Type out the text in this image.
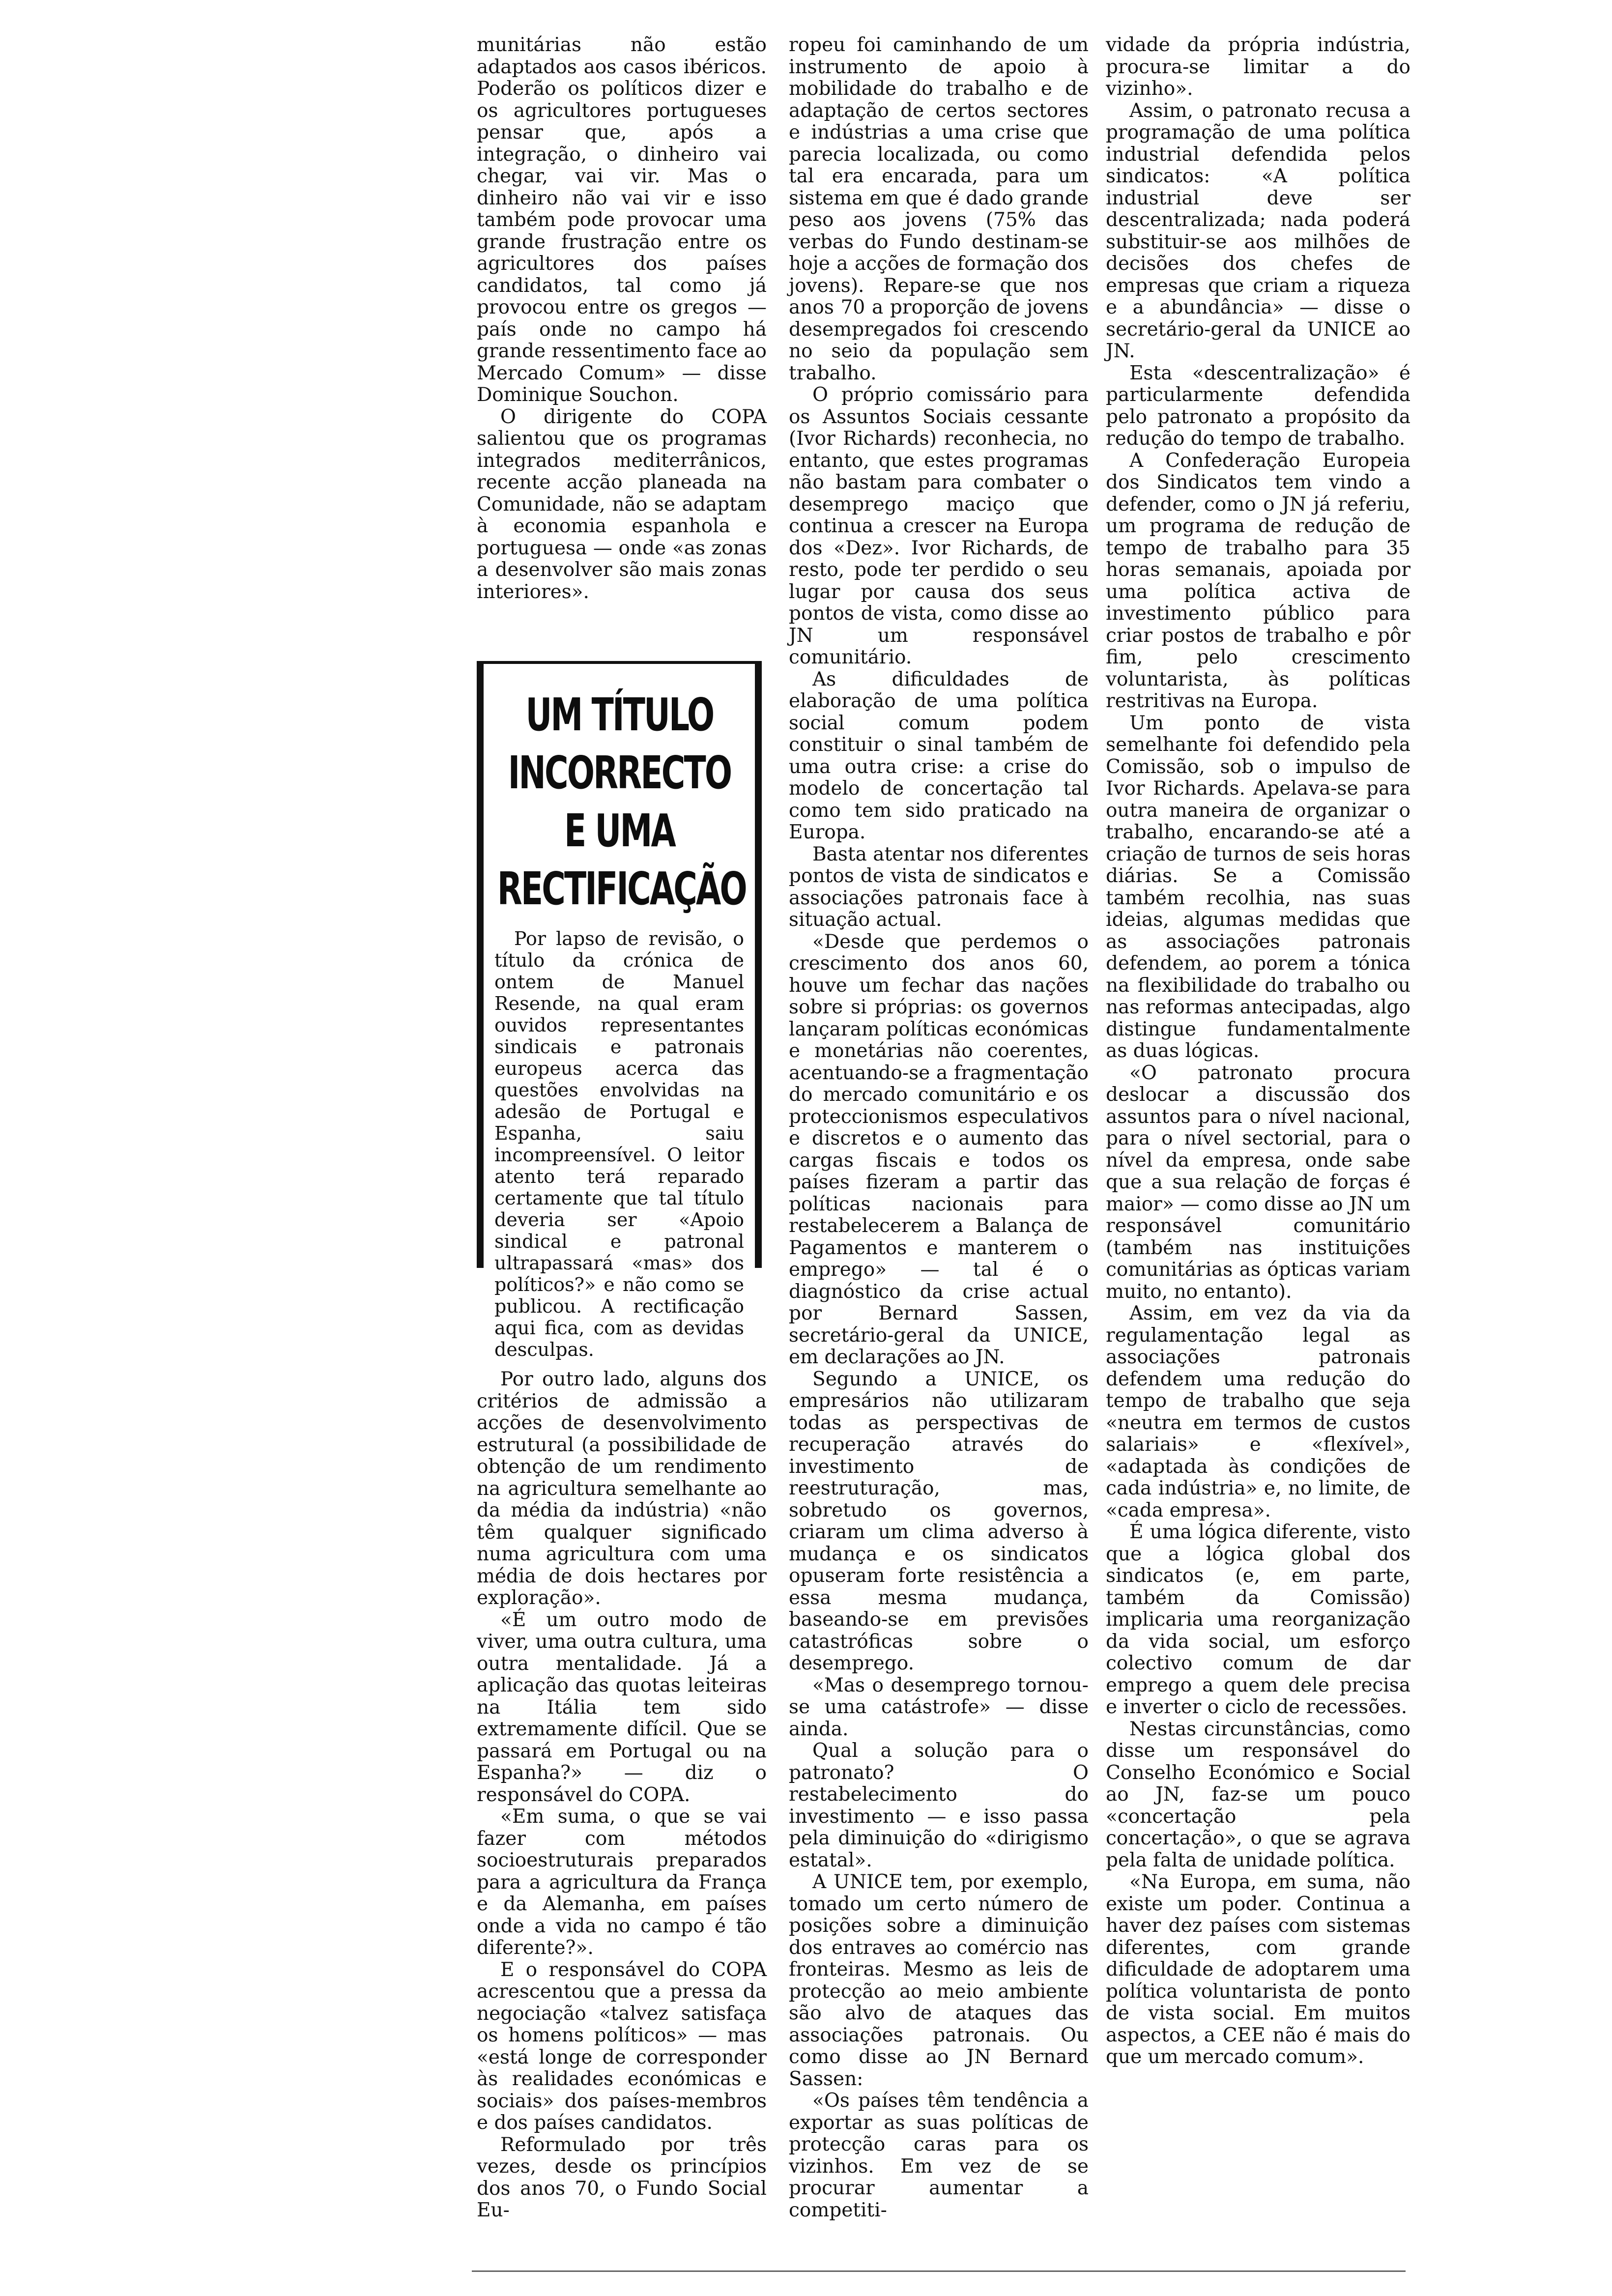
munitárias não estão adaptados aos casos ibéricos. Poderão os políticos dizer e os agricultores portugueses pensar que, após a integração, o dinheiro vai chegar, vai vir. Mas o dinheiro não vai vir e isso também pode provocar uma grande frustração entre os agricultores dos países candidatos, tal como já provocou entre os gregos — país onde no campo há grande ressentimento face ao Mercado Comum» — disse Dominique Souchon.

O dirigente do COPA salientou que os programas integrados mediterrânicos, recente acção planeada na Comunidade, não se adaptam à economia espanhola e portuguesa — onde «as zonas a desenvolver são mais zonas interiores».

UM TÍTULO
INCORRECTO
E UMA
RECTIFICAÇÃO

Por lapso de revisão, o título da crónica de ontem de Manuel Resende, na qual eram ouvidos representantes sindicais e patronais europeus acerca das questões envolvidas na adesão de Portugal e Espanha, saiu incompreensível. O leitor atento terá reparado certamente que tal título deveria ser «Apoio sindical e patronal ultrapassará «mas» dos políticos?» e não como se publicou. A rectificação aqui fica, com as devidas desculpas.

Por outro lado, alguns dos critérios de admissão a acções de desenvolvimento estrutural (a possibilidade de obtenção de um rendimento na agricultura semelhante ao da média da indústria) «não têm qualquer significado numa agricultura com uma média de dois hectares por exploração».

«É um outro modo de viver, uma outra cultura, uma outra mentalidade. Já a aplicação das quotas leiteiras na Itália tem sido extremamente difícil. Que se passará em Portugal ou na Espanha?» — diz o responsável do COPA.

«Em suma, o que se vai fazer com métodos socioestruturais preparados para a agricultura da França e da Alemanha, em países onde a vida no campo é tão diferente?».

E o responsável do COPA acrescentou que a pressa da negociação «talvez satisfaça os homens políticos» — mas «está longe de corresponder às realidades económicas e sociais» dos países-membros e dos países candidatos.

Reformulado por três vezes, desde os princípios dos anos 70, o Fundo Social Eu-

ropeu foi caminhando de um instrumento de apoio à mobilidade do trabalho e de adaptação de certos sectores e indústrias a uma crise que parecia localizada, ou como tal era encarada, para um sistema em que é dado grande peso aos jovens (75% das verbas do Fundo destinam-se hoje a acções de formação dos jovens). Repare-se que nos anos 70 a proporção de jovens desempregados foi crescendo no seio da população sem trabalho.

O próprio comissário para os Assuntos Sociais cessante (Ivor Richards) reconhecia, no entanto, que estes programas não bastam para combater o desemprego maciço que continua a crescer na Europa dos «Dez». Ivor Richards, de resto, pode ter perdido o seu lugar por causa dos seus pontos de vista, como disse ao JN um responsável comunitário.

As dificuldades de elaboração de uma política social comum podem constituir o sinal também de uma outra crise: a crise do modelo de concertação tal como tem sido praticado na Europa.

Basta atentar nos diferentes pontos de vista de sindicatos e associações patronais face à situação actual.

«Desde que perdemos o crescimento dos anos 60, houve um fechar das nações sobre si próprias: os governos lançaram políticas económicas e monetárias não coerentes, acentuando-se a fragmentação do mercado comunitário e os proteccionismos especulativos e discretos e o aumento das cargas fiscais e todos os países fizeram a partir das políticas nacionais para restabelecerem a Balança de Pagamentos e manterem o emprego» — tal é o diagnóstico da crise actual por Bernard Sassen, secretário-geral da UNICE, em declarações ao JN.

Segundo a UNICE, os empresários não utilizaram todas as perspectivas de recuperação através do investimento de reestruturação, mas, sobretudo os governos, criaram um clima adverso à mudança e os sindicatos opuseram forte resistência a essa mesma mudança, baseando-se em previsões catastróficas sobre o desemprego.

«Mas o desemprego tornou-se uma catástrofe» — disse ainda.

Qual a solução para o patronato? O restabelecimento do investimento — e isso passa pela diminuição do «dirigismo estatal».

A UNICE tem, por exemplo, tomado um certo número de posições sobre a diminuição dos entraves ao comércio nas fronteiras. Mesmo as leis de protecção ao meio ambiente são alvo de ataques das associações patronais. Ou como disse ao JN Bernard Sassen:

«Os países têm tendência a exportar as suas políticas de protecção caras para os vizinhos. Em vez de se procurar aumentar a competiti-

vidade da própria indústria, procura-se limitar a do vizinho».

Assim, o patronato recusa a programação de uma política industrial defendida pelos sindicatos: «A política industrial deve ser descentralizada; nada poderá substituir-se aos milhões de decisões dos chefes de empresas que criam a riqueza e a abundância» — disse o secretário-geral da UNICE ao JN.

Esta «descentralização» é particularmente defendida pelo patronato a propósito da redução do tempo de trabalho.

A Confederação Europeia dos Sindicatos tem vindo a defender, como o JN já referiu, um programa de redução de tempo de trabalho para 35 horas semanais, apoiada por uma política activa de investimento público para criar postos de trabalho e pôr fim, pelo crescimento voluntarista, às políticas restritivas na Europa.

Um ponto de vista semelhante foi defendido pela Comissão, sob o impulso de Ivor Richards. Apelava-se para outra maneira de organizar o trabalho, encarando-se até a criação de turnos de seis horas diárias. Se a Comissão também recolhia, nas suas ideias, algumas medidas que as associações patronais defendem, ao porem a tónica na flexibilidade do trabalho ou nas reformas antecipadas, algo distingue fundamentalmente as duas lógicas.

«O patronato procura deslocar a discussão dos assuntos para o nível nacional, para o nível sectorial, para o nível da empresa, onde sabe que a sua relação de forças é maior» — como disse ao JN um responsável comunitário (também nas instituições comunitárias as ópticas variam muito, no entanto).

Assim, em vez da via da regulamentação legal as associações patronais defendem uma redução do tempo de trabalho que seja «neutra em termos de custos salariais» e «flexível», «adaptada às condições de cada indústria» e, no limite, de «cada empresa».

É uma lógica diferente, visto que a lógica global dos sindicatos (e, em parte, também da Comissão) implicaria uma reorganização da vida social, um esforço colectivo comum de dar emprego a quem dele precisa e inverter o ciclo de recessões.

Nestas circunstâncias, como disse um responsável do Conselho Económico e Social ao JN, faz-se um pouco «concertação pela concertação», o que se agrava pela falta de unidade política.

«Na Europa, em suma, não existe um poder. Continua a haver dez países com sistemas diferentes, com grande dificuldade de adoptarem uma política voluntarista de ponto de vista social. Em muitos aspectos, a CEE não é mais do que um mercado comum».
